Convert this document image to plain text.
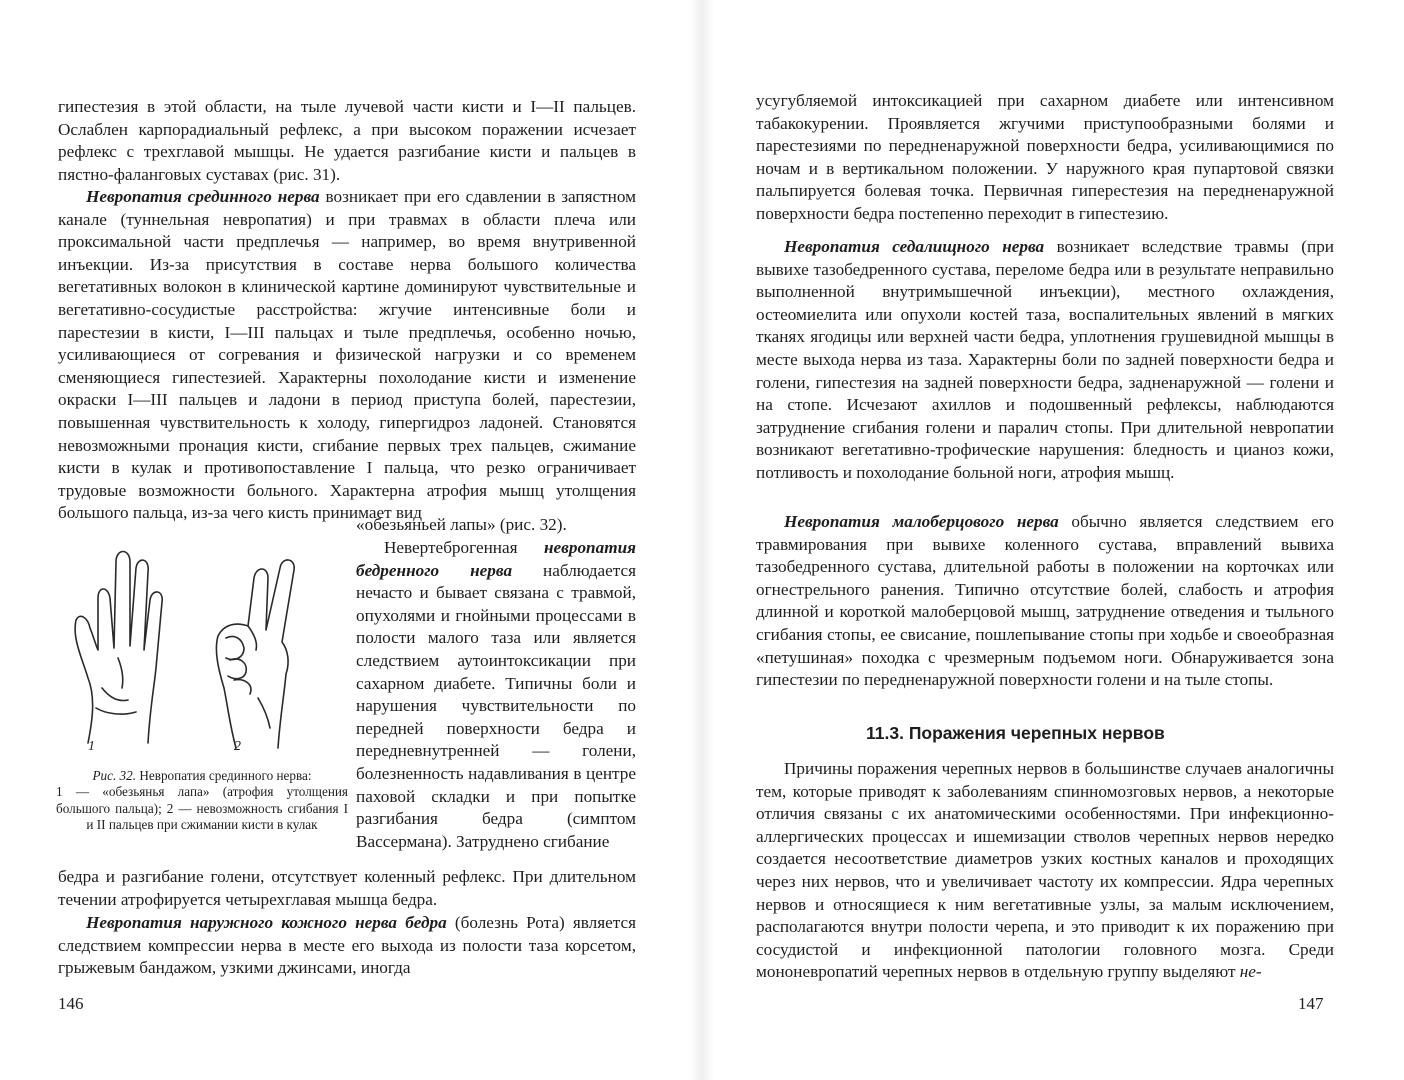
гипестезия в этой области, на тыле лучевой части кисти и I—II пальцев. Ослаблен карпорадиальный рефлекс, а при высоком поражении исчезает рефлекс с трехглавой мышцы. Не удается разгибание кисти и пальцев в пястно-фаланговых суставах (рис. 31).

Невропатия срединного нерва возникает при его сдавлении в запястном канале (туннельная невропатия) и при травмах в области плеча или проксимальной части предплечья — например, во время внутривенной инъекции. Из-за присутствия в составе нерва большого количества вегетативных волокон в клинической картине доминируют чувствительные и вегетативно-сосудистые расстройства: жгучие интенсивные боли и парестезии в кисти, I—III пальцах и тыле предплечья, особенно ночью, усиливающиеся от согревания и физической нагрузки и со временем сменяющиеся гипестезией. Характерны похолодание кисти и изменение окраски I—III пальцев и ладони в период приступа болей, парестезии, повышенная чувствительность к холоду, гипергидроз ладоней. Становятся невозможными пронация кисти, сгибание первых трех пальцев, сжимание кисти в кулак и противопоставление I пальца, что резко ограничивает трудовые возможности больного. Характерна атрофия мышц утолщения большого пальца, из-за чего кисть принимает вид

«обезьяньей лапы» (рис. 32).

1	2

Рис. 32. Невропатия срединного нерва:
1 — «обезьянья лапа» (атрофия утолщения большого пальца); 2 — невозможность сгибания I и II пальцев при сжимании кисти в кулак

Невертеброгенная невропатия бедренного нерва наблюдается нечасто и бывает связана с травмой, опухолями и гнойными процессами в полости малого таза или является следствием аутоинтоксикации при сахарном диабете. Типичны боли и нарушения чувствительности по передней поверхности бедра и передневнутренней — голени, болезненность надавливания в центре паховой складки и при попытке разгибания бедра (симптом Вассермана). Затруднено сгибание

бедра и разгибание голени, отсутствует коленный рефлекс. При длительном течении атрофируется четырехглавая мышца бедра.

Невропатия наружного кожного нерва бедра (болезнь Рота) является следствием компрессии нерва в месте его выхода из полости таза корсетом, грыжевым бандажом, узкими джинсами, иногда

146

усугубляемой интоксикацией при сахарном диабете или интенсивном табакокурении. Проявляется жгучими приступообразными болями и парестезиями по передненаружной поверхности бедра, усиливающимися по ночам и в вертикальном положении. У наружного края пупартовой связки пальпируется болевая точка. Первичная гиперестезия на передненаружной поверхности бедра постепенно переходит в гипестезию.

Невропатия седалищного нерва возникает вследствие травмы (при вывихе тазобедренного сустава, переломе бедра или в результате неправильно выполненной внутримышечной инъекции), местного охлаждения, остеомиелита или опухоли костей таза, воспалительных явлений в мягких тканях ягодицы или верхней части бедра, уплотнения грушевидной мышцы в месте выхода нерва из таза. Характерны боли по задней поверхности бедра и голени, гипестезия на задней поверхности бедра, задненаружной — голени и на стопе. Исчезают ахиллов и подошвенный рефлексы, наблюдаются затруднение сгибания голени и паралич стопы. При длительной невропатии возникают вегетативно-трофические нарушения: бледность и цианоз кожи, потливость и похолодание больной ноги, атрофия мышц.

Невропатия малоберцового нерва обычно является следствием его травмирования при вывихе коленного сустава, вправлений вывиха тазобедренного сустава, длительной работы в положении на корточках или огнестрельного ранения. Типично отсутствие болей, слабость и атрофия длинной и короткой малоберцовой мышц, затруднение отведения и тыльного сгибания стопы, ее свисание, пошлепывание стопы при ходьбе и своеобразная «петушиная» походка с чрезмерным подъемом ноги. Обнаруживается зона гипестезии по передненаружной поверхности голени и на тыле стопы.

11.3. Поражения черепных нервов

Причины поражения черепных нервов в большинстве случаев аналогичны тем, которые приводят к заболеваниям спинномозговых нервов, а некоторые отличия связаны с их анатомическими особенностями. При инфекционно-аллергических процессах и ишемизации стволов черепных нервов нередко создается несоответствие диаметров узких костных каналов и проходящих через них нервов, что и увеличивает частоту их компрессии. Ядра черепных нервов и относящиеся к ним вегетативные узлы, за малым исключением, располагаются внутри полости черепа, и это приводит к их поражению при сосудистой и инфекционной патологии головного мозга. Среди мононевропатий черепных нервов в отдельную группу выделяют не-

147
